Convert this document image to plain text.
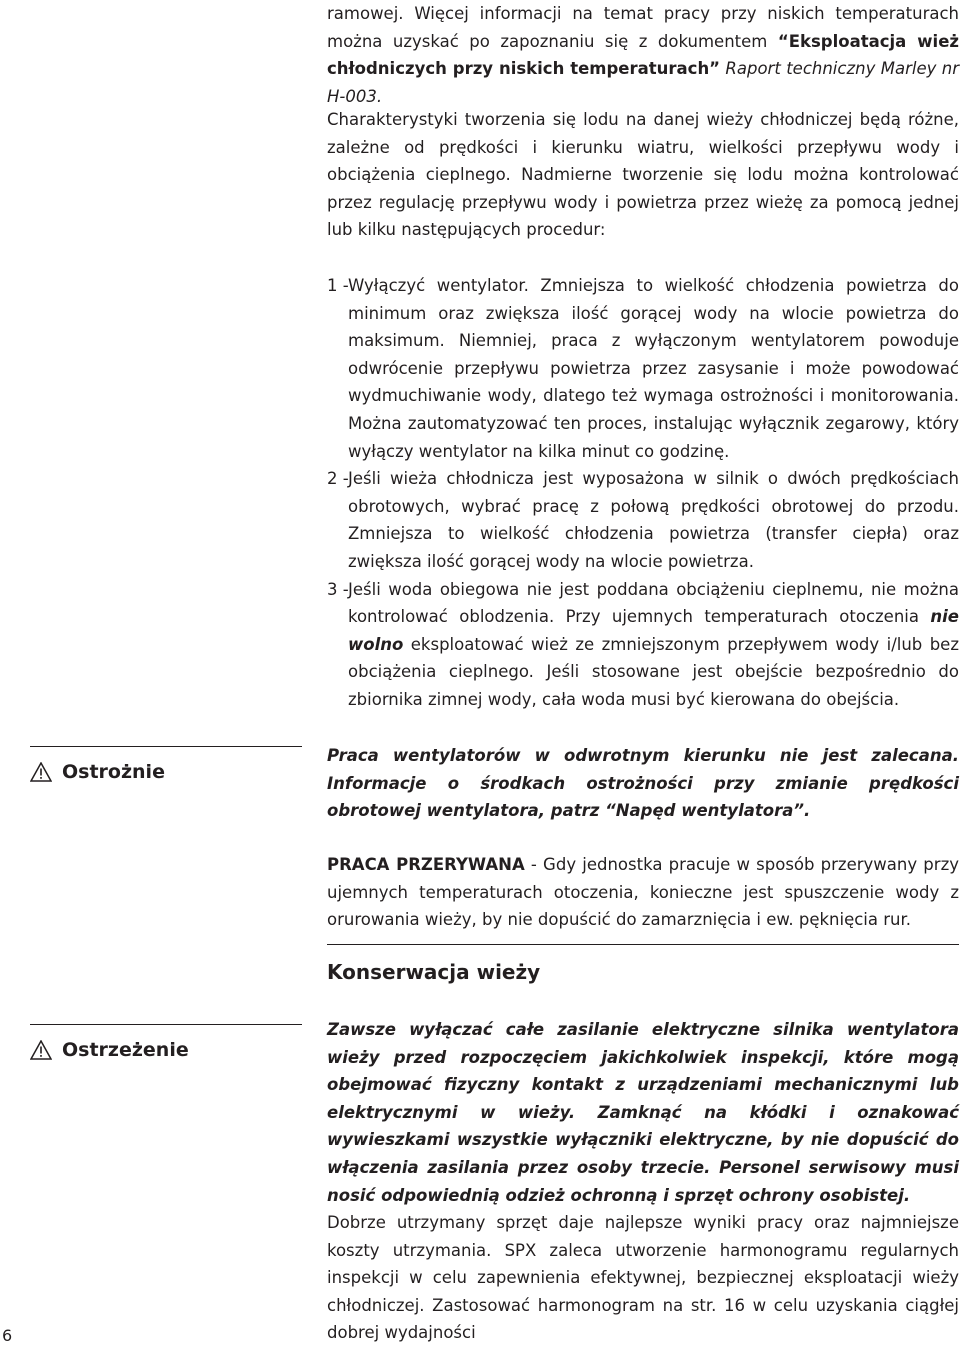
ramowej. Więcej informacji na temat pracy przy niskich temperaturach można uzyskać po zapoznaniu się z dokumentem “Eksploatacja wież chłodniczych przy niskich temperaturach” Raport techniczny Marley nr H-003.

Charakterystyki tworzenia się lodu na danej wieży chłodniczej będą różne, zależne od prędkości i kierunku wiatru, wielkości przepływu wody i obciążenia cieplnego. Nadmierne tworzenie się lodu można kontrolować przez regulację przepływu wody i powietrza przez wieżę za pomocą jednej lub kilku następujących procedur:

1 - Wyłączyć wentylator. Zmniejsza to wielkość chłodzenia powietrza do minimum oraz zwiększa ilość gorącej wody na wlocie powietrza do maksimum. Niemniej, praca z wyłączonym wentylatorem powoduje odwrócenie przepływu powietrza przez zasysanie i może powodować wydmuchiwanie wody, dlatego też wymaga ostrożności i monitorowania. Można zautomatyzować ten proces, instalując wyłącznik zegarowy, który wyłączy wentylator na kilka minut co godzinę.
2 - Jeśli wieża chłodnicza jest wyposażona w silnik o dwóch prędkościach obrotowych, wybrać pracę z połową prędkości obrotowej do przodu. Zmniejsza to wielkość chłodzenia powietrza (transfer ciepła) oraz zwiększa ilość gorącej wody na wlocie powietrza.
3 - Jeśli woda obiegowa nie jest poddana obciążeniu cieplnemu, nie można kontrolować oblodzenia. Przy ujemnych temperaturach otoczenia nie wolno eksploatować wież ze zmniejszonym przepływem wody i/lub bez obciążenia cieplnego. Jeśli stosowane jest obejście bezpośrednio do zbiornika zimnej wody, cała woda musi być kierowana do obejścia.
Ostrożnie

Praca wentylatorów w odwrotnym kierunku nie jest zalecana. Informacje o środkach ostrożności przy zmianie prędkości obrotowej wentylatora, patrz “Napęd wentylatora”.

PRACA PRZERYWANA - Gdy jednostka pracuje w sposób przerywany przy ujemnych temperaturach otoczenia, konieczne jest spuszczenie wody z orurowania wieży, by nie dopuścić do zamarznięcia i ew. pęknięcia rur.

Konserwacja wieży
Ostrzeżenie

Zawsze wyłączać całe zasilanie elektryczne silnika wentylatora wieży przed rozpoczęciem jakichkolwiek inspekcji, które mogą obejmować fizyczny kontakt z urządzeniami mechanicznymi lub elektrycznymi w wieży. Zamknąć na kłódki i oznakować wywieszkami wszystkie wyłączniki elektryczne, by nie dopuścić do włączenia zasilania przez osoby trzecie. Personel serwisowy musi nosić odpowiednią odzież ochronną i sprzęt ochrony osobistej.

Dobrze utrzymany sprzęt daje najlepsze wyniki pracy oraz najmniejsze koszty utrzymania. SPX zaleca utworzenie harmonogramu regularnych inspekcji w celu zapewnienia efektywnej, bezpiecznej eksploatacji wieży chłodniczej. Zastosować harmonogram na str. 16 w celu uzyskania ciągłej dobrej wydajności

6
